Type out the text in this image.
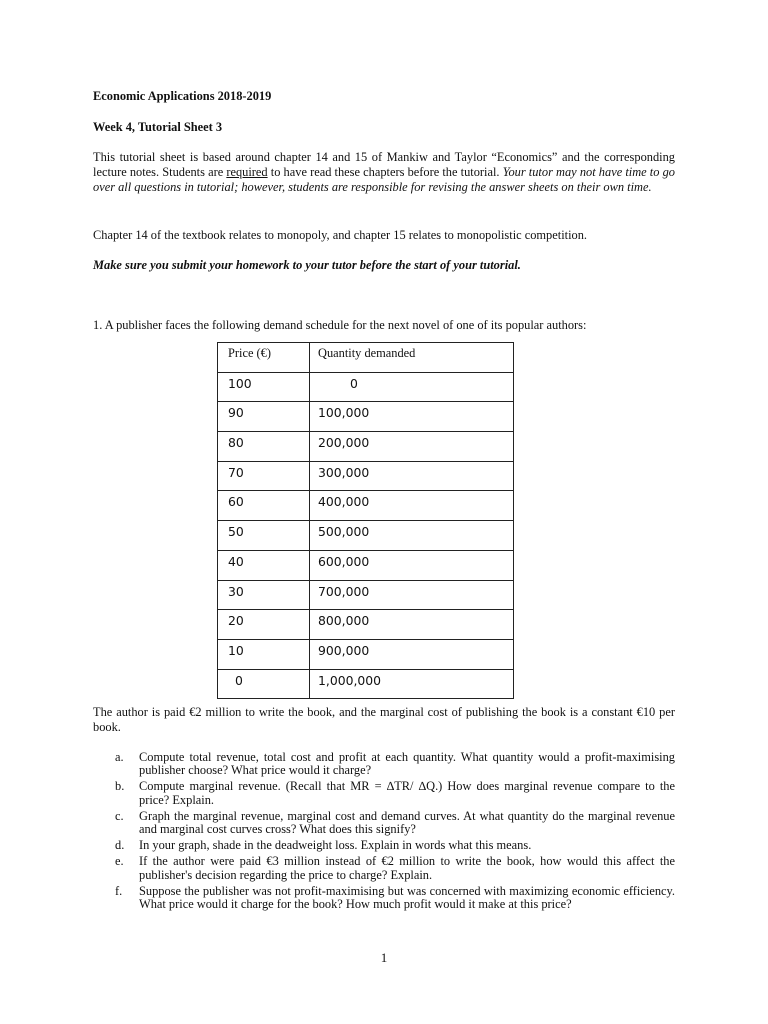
Economic Applications 2018-2019
Week 4, Tutorial Sheet 3
This tutorial sheet is based around chapter 14 and 15 of Mankiw and Taylor “Economics” and the corresponding lecture notes. Students are required to have read these chapters before the tutorial. Your tutor may not have time to go over all questions in tutorial; however, students are responsible for revising the answer sheets on their own time.
Chapter 14 of the textbook relates to monopoly, and chapter 15 relates to monopolistic competition.
Make sure you submit your homework to your tutor before the start of your tutorial.
1. A publisher faces the following demand schedule for the next novel of one of its popular authors:
Price (€)	Quantity demanded

100	0

90	100,000

80	200,000

70	300,000

60	400,000

50	500,000

40	600,000

30	700,000

20	800,000

10	900,000

0	1,000,000
The author is paid €2 million to write the book, and the marginal cost of publishing the book is a constant €10 per book.
a. Compute total revenue, total cost and profit at each quantity. What quantity would a profit-maximising publisher choose? What price would it charge?
b. Compute marginal revenue. (Recall that MR = ∆TR/ ∆Q.) How does marginal revenue compare to the price? Explain.
c. Graph the marginal revenue, marginal cost and demand curves. At what quantity do the marginal revenue and marginal cost curves cross? What does this signify?
d. In your graph, shade in the deadweight loss. Explain in words what this means.
e. If the author were paid €3 million instead of €2 million to write the book, how would this affect the publisher's decision regarding the price to charge? Explain.
f. Suppose the publisher was not profit-maximising but was concerned with maximizing economic efficiency. What price would it charge for the book? How much profit would it make at this price?
1
